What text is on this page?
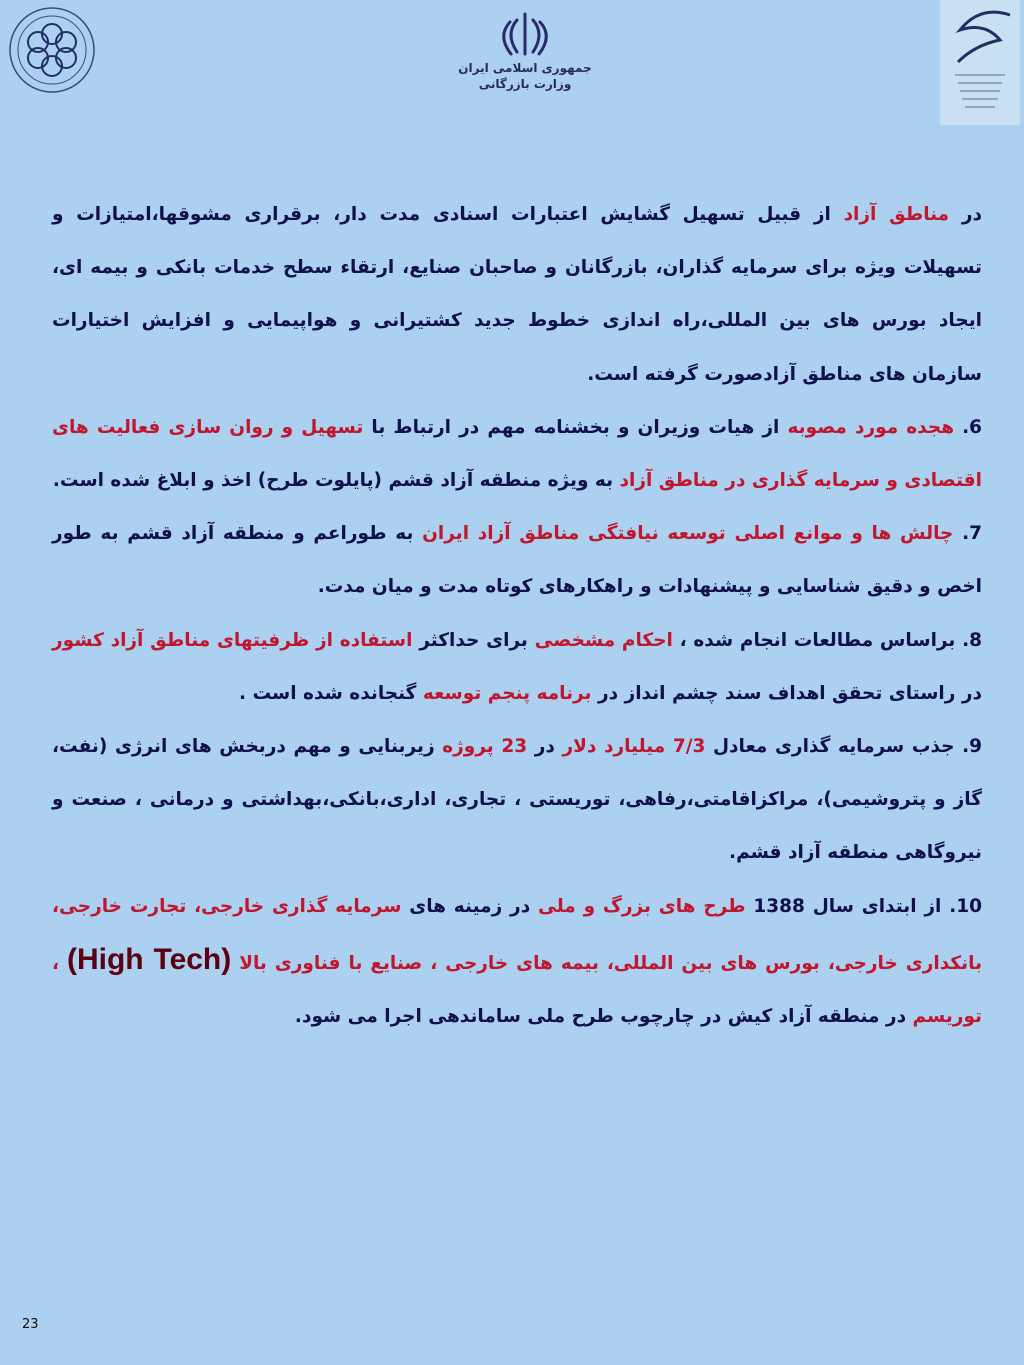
جمهوری اسلامی ایران
وزارت بازرگانی

در مناطق آزاد از قبیل تسهیل گشایش اعتبارات اسنادی مدت دار، برقراری مشوقها،امتیازات و تسهیلات ویژه برای سرمایه گذاران، بازرگانان و صاحبان صنایع، ارتقاء سطح خدمات بانکی و بیمه ای، ایجاد بورس های بین المللی،راه اندازی خطوط جدید کشتیرانی و هواپیمایی و افزایش اختیارات سازمان های مناطق آزادصورت گرفته است.

6. هجده مورد مصوبه از هیات وزیران و بخشنامه مهم در ارتباط با تسهیل و روان سازی فعالیت های اقتصادی و سرمایه گذاری در مناطق آزاد به ویژه منطقه آزاد قشم (پایلوت طرح) اخذ و ابلاغ شده است.

7. چالش ها و موانع اصلی توسعه نیافتگی مناطق آزاد ایران به طوراعم و منطقه آزاد قشم به طور اخص و دقیق شناسایی و پیشنهادات و راهکارهای کوتاه مدت و میان مدت.

8. براساس مطالعات انجام شده ، احکام مشخصی برای حداکثر استفاده از ظرفیتهای مناطق آزاد کشور در راستای تحقق اهداف سند چشم انداز در برنامه پنجم توسعه گنجانده شده است .

9. جذب سرمایه گذاری معادل 7/3 میلیارد دلار در 23 پروژه زیربنایی و مهم دربخش های انرژی (نفت، گاز و پتروشیمی)، مراکزاقامتی،رفاهی، توریستی ، تجاری، اداری،بانکی،بهداشتی و درمانی ، صنعت و نیروگاهی منطقه آزاد قشم.

10. از ابتدای سال 1388 طرح های بزرگ و ملی در زمینه های سرمایه گذاری خارجی، تجارت خارجی، بانکداری خارجی، بورس های بین المللی، بیمه های خارجی ، صنایع با فناوری بالا (High Tech) ، توریسم در منطقه آزاد کیش در چارچوب طرح ملی ساماندهی اجرا می شود.

23
